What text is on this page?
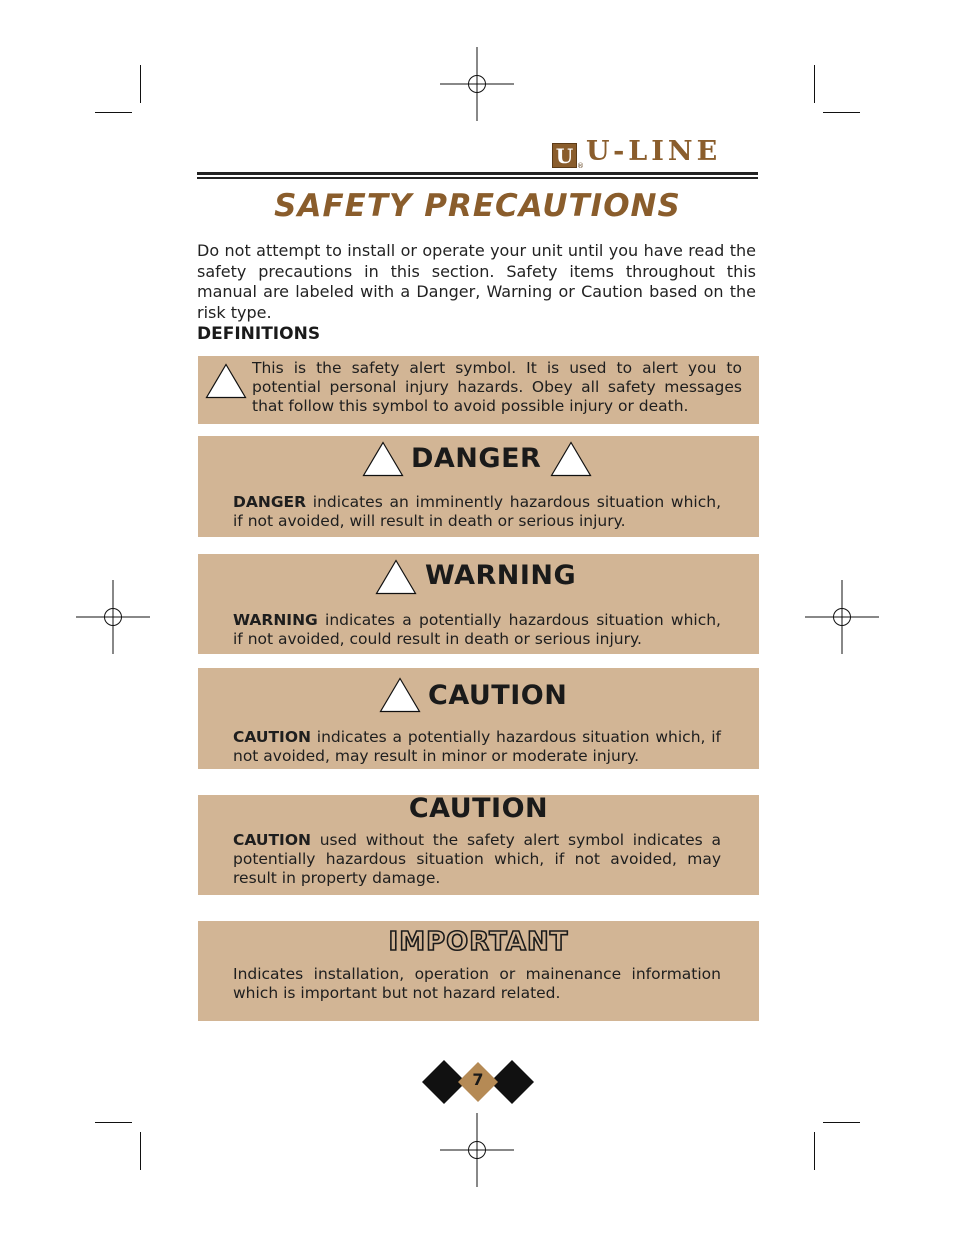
U ® U-LINE
SAFETY PRECAUTIONS
Do not attempt to install or operate your unit until you have read the safety precautions in this section. Safety items throughout this manual are labeled with a Danger, Warning or Caution based on the risk type.
DEFINITIONS
This is the safety alert symbol. It is used to alert you to potential personal injury hazards. Obey all safety messages that follow this symbol to avoid possible injury or death.
DANGER
DANGER indicates an imminently hazardous situation which, if not avoided, will result in death or serious injury.
WARNING
WARNING indicates a potentially hazardous situation which, if not avoided, could result in death or serious injury.
CAUTION
CAUTION indicates a potentially hazardous situation which, if not avoided, may result in minor or moderate injury.
CAUTION
CAUTION used without the safety alert symbol indicates a potentially hazardous situation which, if not avoided, may result in property damage.
IMPORTANT
Indicates installation, operation or mainenance information which is important but not hazard related.
7
